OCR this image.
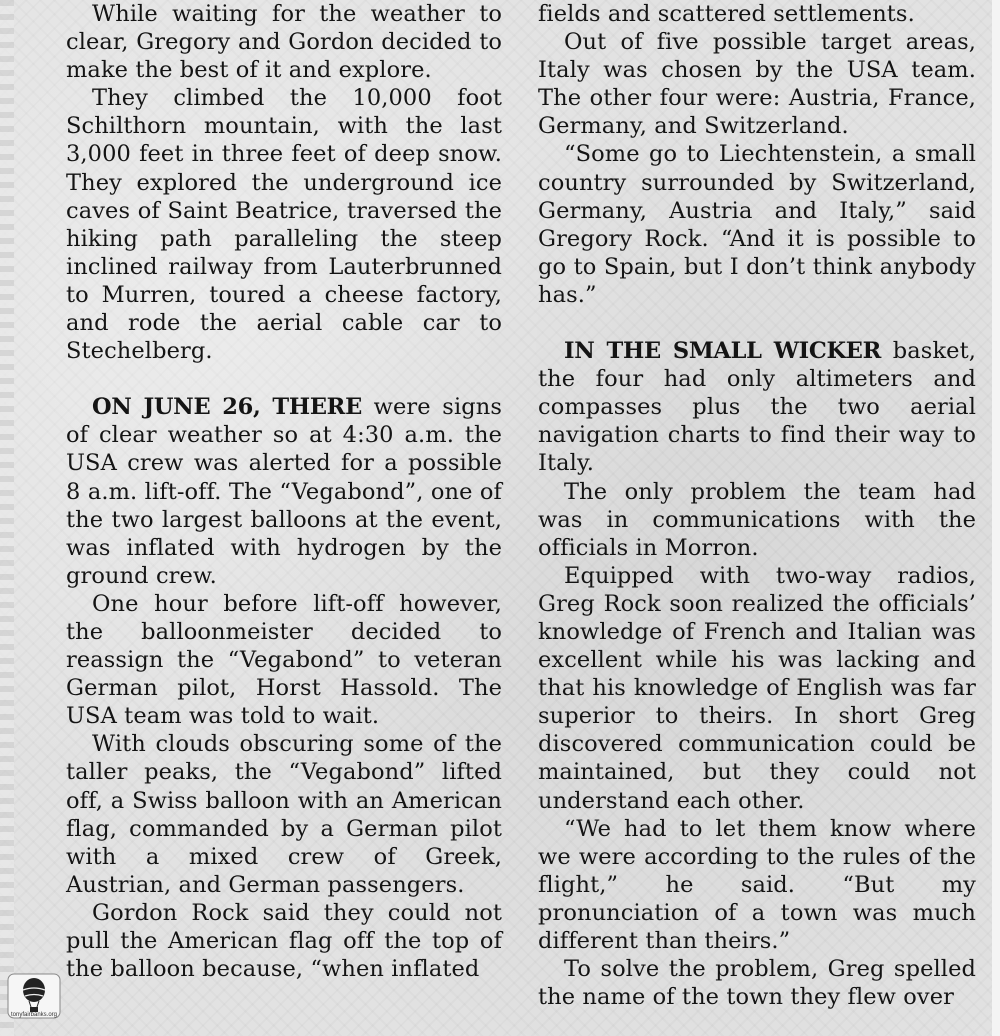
While waiting for the weather to clear, Gregory and Gordon decided to make the best of it and explore.

They climbed the 10,000 foot Schilthorn mountain, with the last 3,000 feet in three feet of deep snow. They explored the underground ice caves of Saint Beatrice, traversed the hiking path paralleling the steep inclined railway from Lauterbrunned to Murren, toured a cheese factory, and rode the aerial cable car to Stechelberg.

ON JUNE 26, THERE were signs of clear weather so at 4:30 a.m. the USA crew was alerted for a possible 8 a.m. lift-off. The “Vegabond”, one of the two largest balloons at the event, was inflated with hydrogen by the ground crew.

One hour before lift-off however, the balloonmeister decided to reassign the “Vegabond” to veteran German pilot, Horst Hassold. The USA team was told to wait.

With clouds obscuring some of the taller peaks, the “Vegabond” lifted off, a Swiss balloon with an American flag, commanded by a German pilot with a mixed crew of Greek, Austrian, and German passengers.

Gordon Rock said they could not pull the American flag off the top of the balloon because, “when inflated

fields and scattered settlements.

Out of five possible target areas, Italy was chosen by the USA team. The other four were: Austria, France, Germany, and Switzerland.

“Some go to Liechtenstein, a small country surrounded by Switzerland, Germany, Austria and Italy,” said Gregory Rock. “And it is possible to go to Spain, but I don’t think anybody has.”

IN THE SMALL WICKER basket, the four had only altimeters and compasses plus the two aerial navigation charts to find their way to Italy.

The only problem the team had was in communications with the officials in Morron.

Equipped with two-way radios, Greg Rock soon realized the officials’ knowledge of French and Italian was excellent while his was lacking and that his knowledge of English was far superior to theirs. In short Greg discovered communication could be maintained, but they could not understand each other.

“We had to let them know where we were according to the rules of the flight,” he said. “But my pronunciation of a town was much different than theirs.”

To solve the problem, Greg spelled the name of the town they flew over

tonyfairbanks.org
